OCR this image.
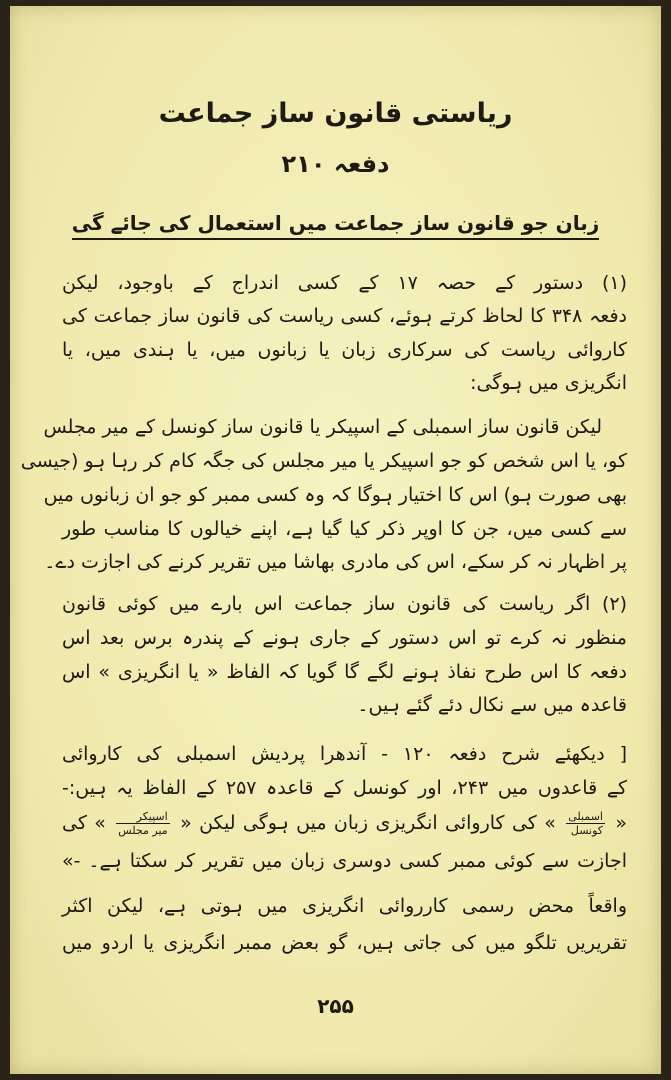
ریاستی قانون ساز جماعت
دفعہ ۲۱۰
زبان جو قانون ساز جماعت میں استعمال کی جائے گی
(۱) دستور کے حصہ ۱۷ کے کسی اندراج کے باوجود، لیکن
دفعہ ۳۴۸ کا لحاظ کرتے ہوئے، کسی ریاست کی قانون ساز جماعت کی
کاروائی ریاست کی سرکاری زبان یا زبانوں میں، یا ہندی میں، یا
انگریزی میں ہوگی:
لیکن قانون ساز اسمبلی کے اسپیکر یا قانون ساز کونسل کے میر مجلس
کو، یا اس شخص کو جو اسپیکر یا میر مجلس کی جگہ کام کر رہا ہو (جیسی
بھی صورت ہو) اس کا اختیار ہوگا کہ وہ کسی ممبر کو جو ان زبانوں میں
سے کسی میں، جن کا اوپر ذکر کیا گیا ہے، اپنے خیالوں کا مناسب طور
پر اظہار نہ کر سکے، اس کی مادری بھاشا میں تقریر کرنے کی اجازت دے۔
(۲) اگر ریاست کی قانون ساز جماعت اس بارے میں کوئی قانون
منظور نہ کرے تو اس دستور کے جاری ہونے کے پندرہ برس بعد اس
دفعہ کا اس طرح نفاذ ہونے لگے گا گویا کہ الفاظ « یا انگریزی » اس
قاعدہ میں سے نکال دئے گئے ہیں۔
[ دیکھئے شرح دفعہ ۱۲۰ - آندھرا پردیش اسمبلی کی کاروائی
کے قاعدوں میں ۲۴۳، اور کونسل کے قاعدہ ۲۵۷ کے الفاظ یہ ہیں:-
«
$\frac{\text{اسمبلی}}{\text{کونسل}}$
» کی کاروائی انگریزی زبان میں ہوگی لیکن «
$\frac{\text{اسپیکر}}{\text{میر مجلس}}$
» کی
اجازت سے کوئی ممبر کسی دوسری زبان میں تقریر کر سکتا ہے۔ -»
واقعاً محض رسمی کارروائی انگریزی میں ہوتی ہے، لیکن اکثر
تقریریں تلگو میں کی جاتی ہیں، گو بعض ممبر انگریزی یا اردو میں
۲۵۵
